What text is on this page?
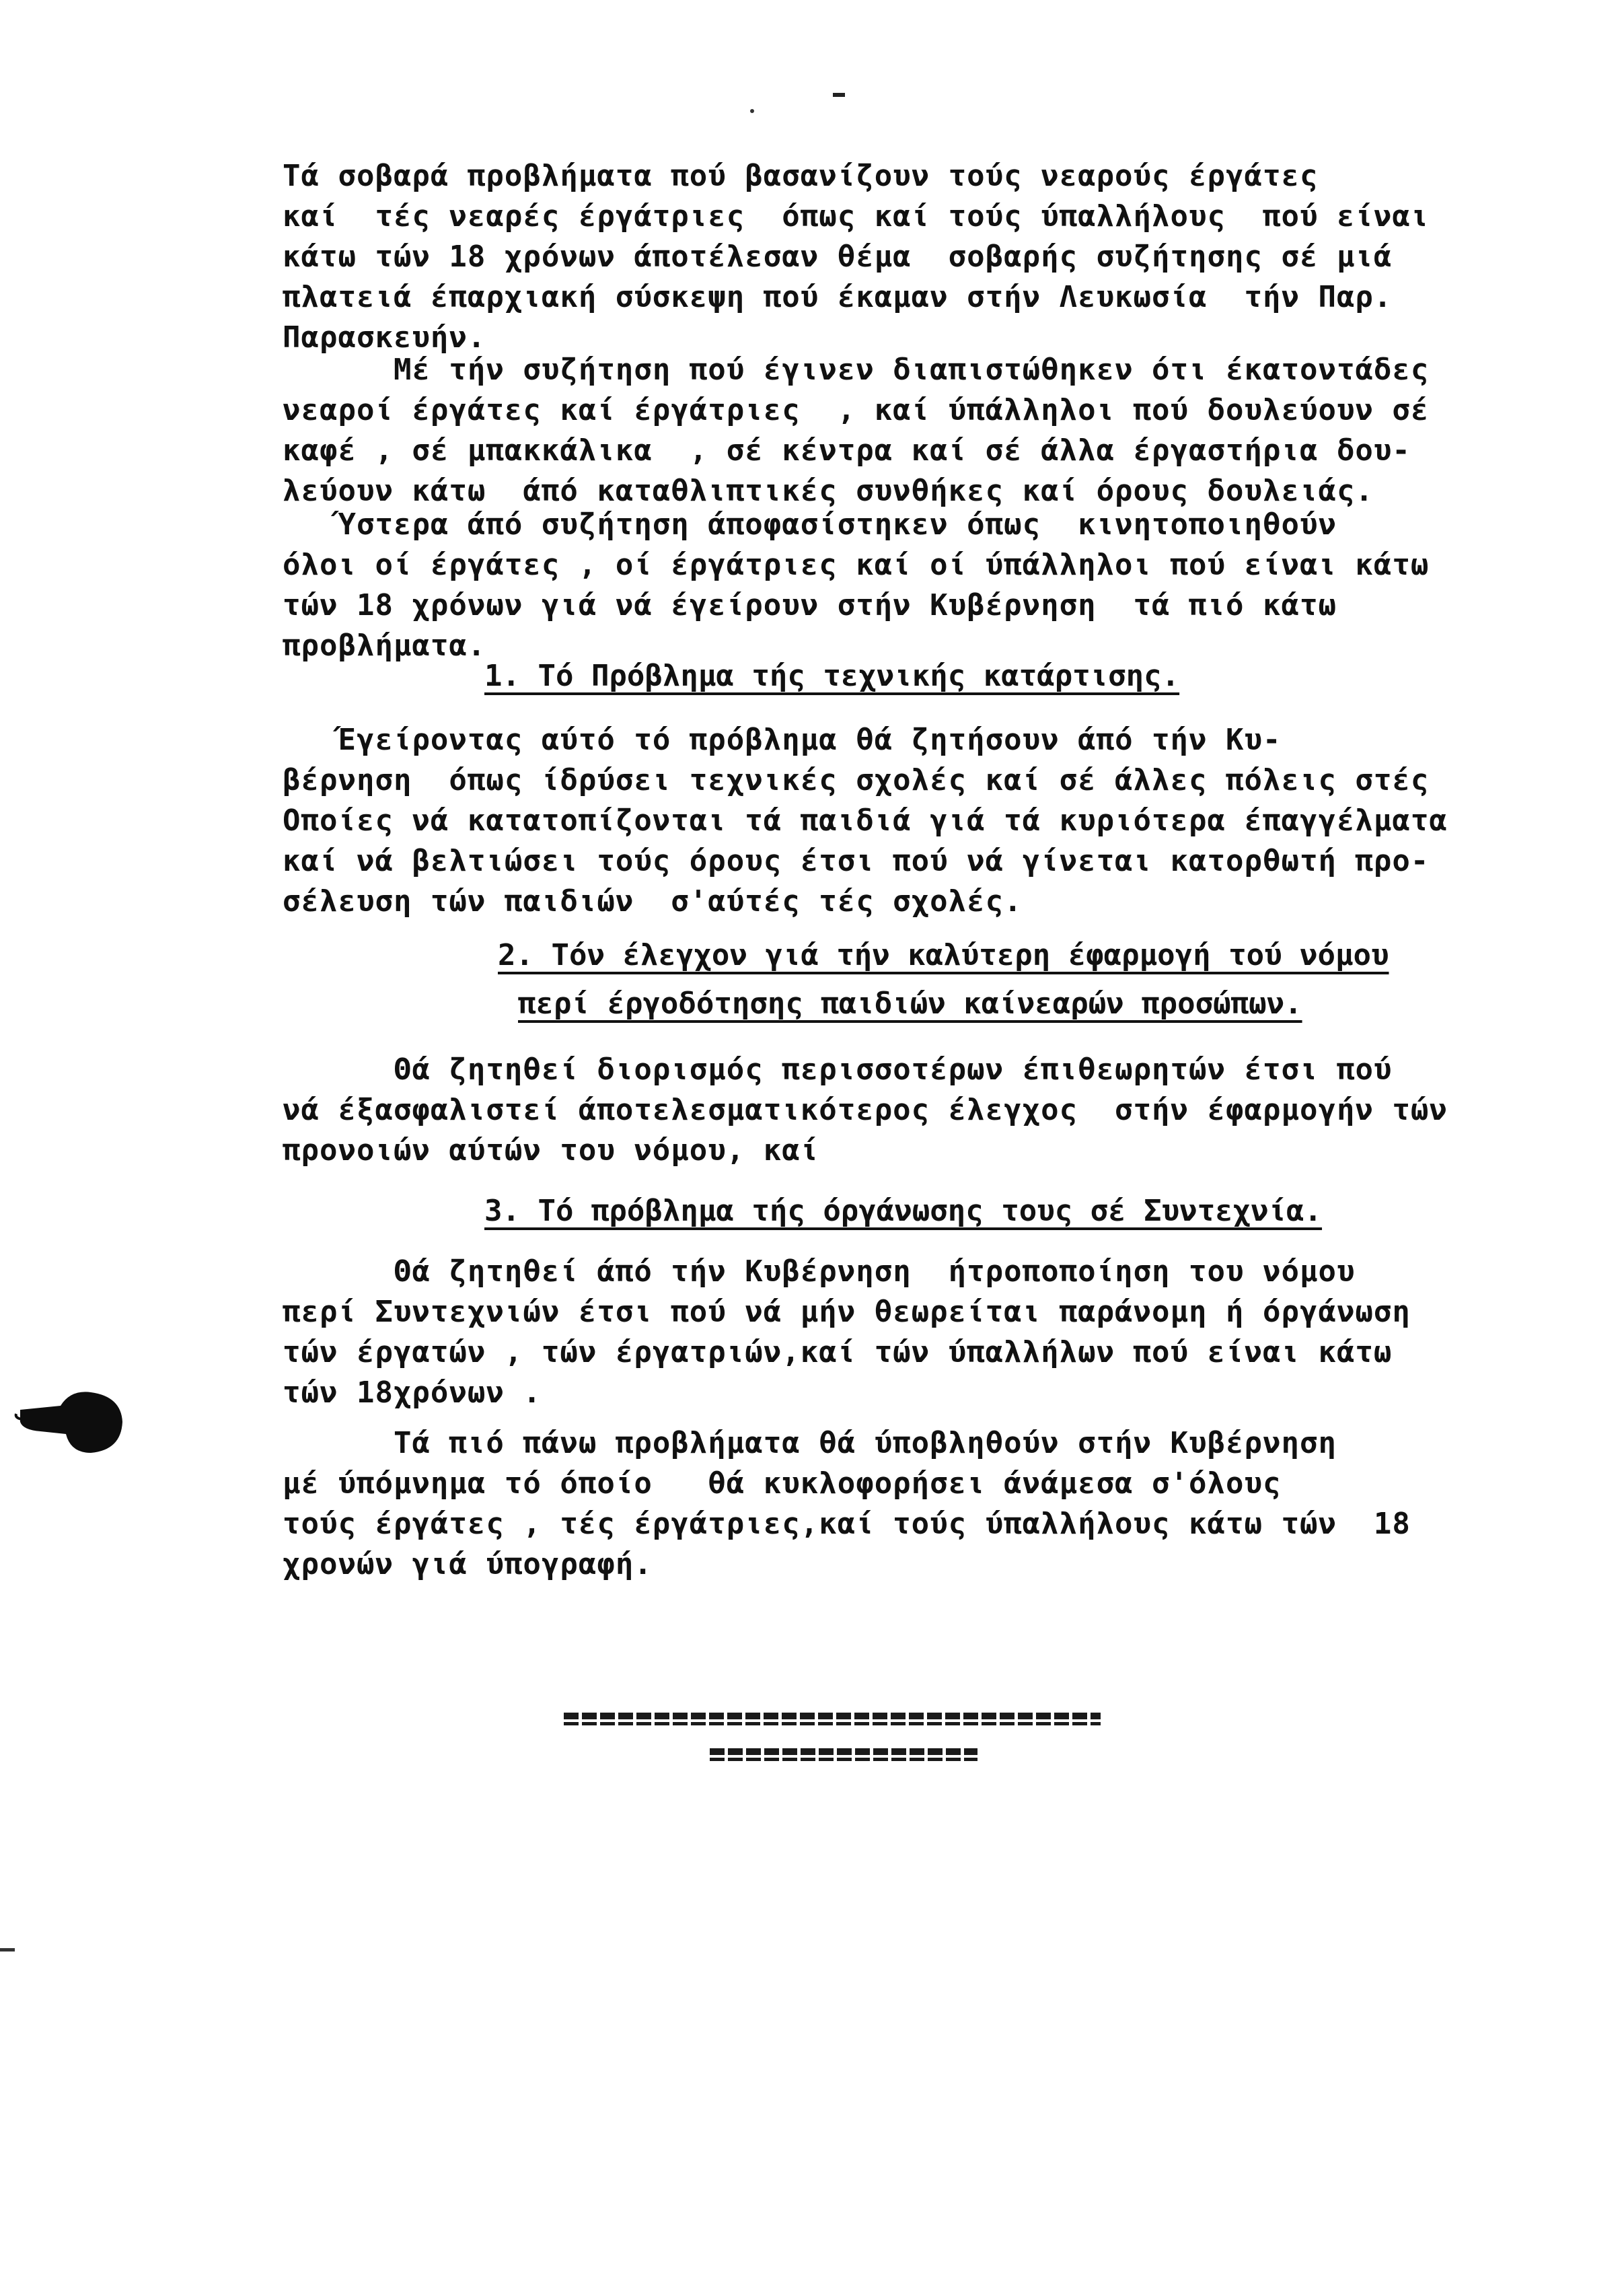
Τά σοβαρά προβλήματα πού βασανίζουν τούς νεαρούς έργάτες
καί  τές νεαρές έργάτριες  όπως καί τούς ύπαλλήλους  πού είναι
κάτω τών 18 χρόνων άποτέλεσαν θέμα  σοβαρής συζήτησης σέ μιά
πλατειά έπαρχιακή σύσκεψη πού έκαμαν στήν Λευκωσία  τήν Παρ.
Παρασκευήν.

Μέ τήν συζήτηση πού έγινεν διαπιστώθηκεν ότι έκατοντάδες
νεαροί έργάτες καί έργάτριες  , καί ύπάλληλοι πού δουλεύουν σέ
καφέ , σέ μπακκάλικα  , σέ κέντρα καί σέ άλλα έργαστήρια δου-
λεύουν κάτω  άπό καταθλιπτικές συνθήκες καί όρους δουλειάς.

Ύστερα άπό συζήτηση άποφασίστηκεν όπως  κινητοποιηθούν
όλοι οί έργάτες , οί έργάτριες καί οί ύπάλληλοι πού είναι κάτω
τών 18 χρόνων γιά νά έγείρουν στήν Κυβέρνηση  τά πιό κάτω
προβλήματα.

1. Τό Πρόβλημα τής τεχνικής κατάρτισης.

Έγείροντας αύτό τό πρόβλημα θά ζητήσουν άπό τήν Κυ-
βέρνηση  όπως ίδρύσει τεχνικές σχολές καί σέ άλλες πόλεις στές
Οποίες νά κατατοπίζονται τά παιδιά γιά τά κυριότερα έπαγγέλματα
καί νά βελτιώσει τούς όρους έτσι πού νά γίνεται κατορθωτή προ-
σέλευση τών παιδιών  σ'αύτές τές σχολές.

2. Τόν έλεγχον γιά τήν καλύτερη έφαρμογή τού νόμου

περί έργοδότησης παιδιών καίνεαρών προσώπων.

Θά ζητηθεί διορισμός περισσοτέρων έπιθεωρητών έτσι πού
νά έξασφαλιστεί άποτελεσματικότερος έλεγχος  στήν έφαρμογήν τών
προνοιών αύτών του νόμου, καί

3. Τό πρόβλημα τής όργάνωσης τους σέ Συντεχνία.

Θά ζητηθεί άπό τήν Κυβέρνηση  ήτροποποίηση του νόμου
περί Συντεχνιών έτσι πού νά μήν θεωρείται παράνομη ή όργάνωση
τών έργατών , τών έργατριών,καί τών ύπαλλήλων πού είναι κάτω
τών 18χρόνων .

Τά πιό πάνω προβλήματα θά ύποβληθούν στήν Κυβέρνηση
μέ ύπόμνημα τό όποίο   θά κυκλοφορήσει άνάμεσα σ'όλους
τούς έργάτες , τές έργάτριες,καί τούς ύπαλλήλους κάτω τών  18
χρονών γιά ύπογραφή.
